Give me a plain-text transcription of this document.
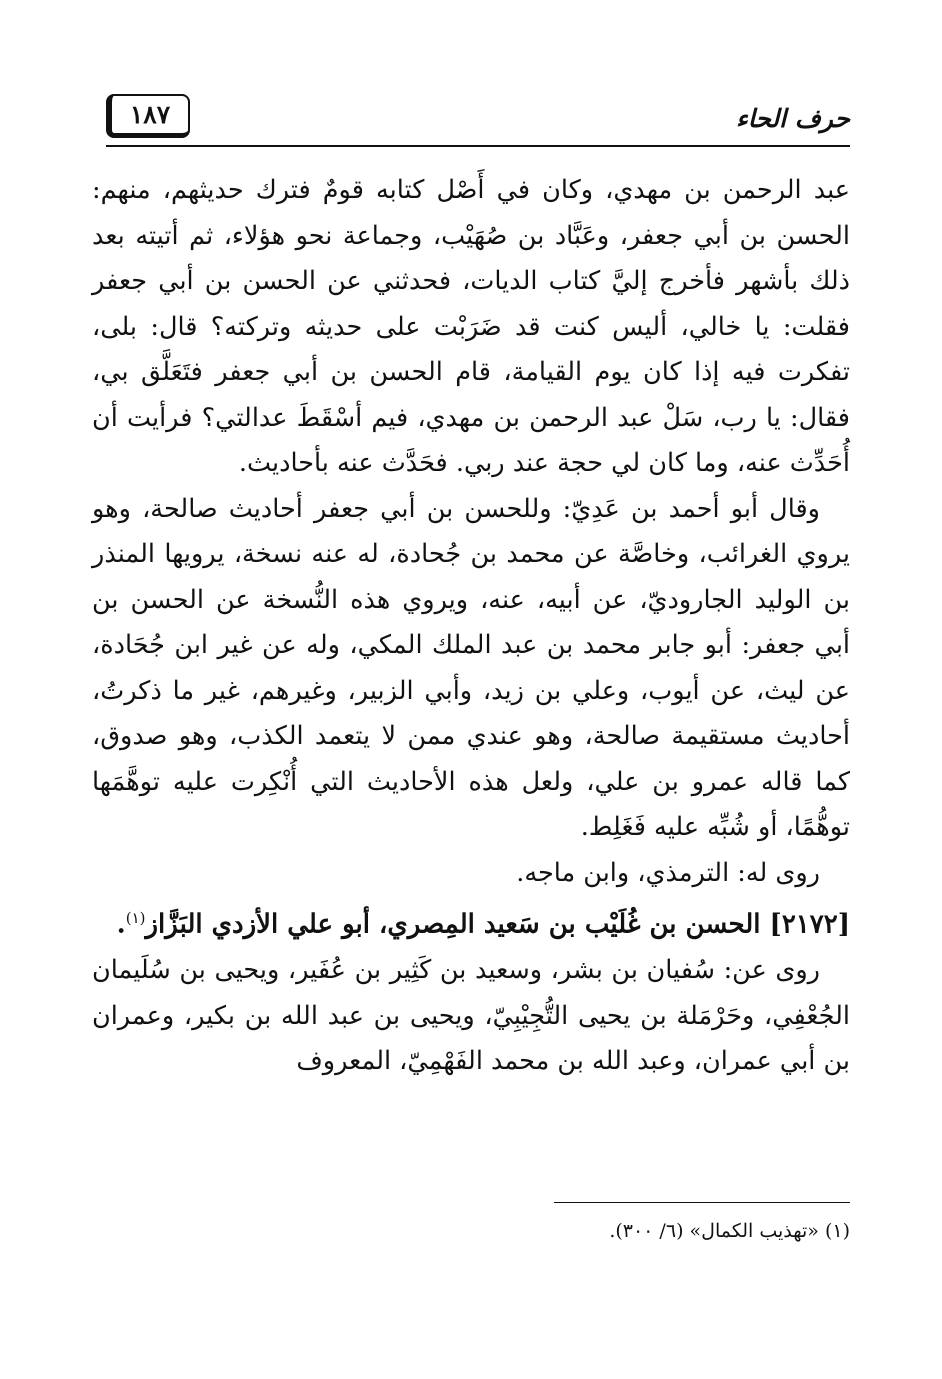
حرف الحاء
١٨٧

عبد الرحمن بن مهدي، وكان في أَصْل كتابه قومٌ فترك حديثهم، منهم: الحسن بن أبي جعفر، وعَبَّاد بن صُهَيْب، وجماعة نحو هؤلاء، ثم أتيته بعد ذلك بأشهر فأخرج إليَّ كتاب الديات، فحدثني عن الحسن بن أبي جعفر فقلت: يا خالي، أليس كنت قد ضَرَبْت على حديثه وتركته؟ قال: بلى، تفكرت فيه إذا كان يوم القيامة، قام الحسن بن أبي جعفر فتَعَلَّق بي، فقال: يا رب، سَلْ عبد الرحمن بن مهدي، فيم أسْقَطَ عدالتي؟ فرأيت أن أُحَدِّث عنه، وما كان لي حجة عند ربي. فحَدَّث عنه بأحاديث.

وقال أبو أحمد بن عَدِيّ: وللحسن بن أبي جعفر أحاديث صالحة، وهو يروي الغرائب، وخاصَّة عن محمد بن جُحادة، له عنه نسخة، يرويها المنذر بن الوليد الجاروديّ، عن أبيه، عنه، ويروي هذه النُّسخة عن الحسن بن أبي جعفر: أبو جابر محمد بن عبد الملك المكي، وله عن غير ابن جُحَادة، عن ليث، عن أيوب، وعلي بن زيد، وأبي الزبير، وغيرهم، غير ما ذكرتُ، أحاديث مستقيمة صالحة، وهو عندي ممن لا يتعمد الكذب، وهو صدوق، كما قاله عمرو بن علي، ولعل هذه الأحاديث التي أُنْكِرت عليه توهَّمَها توهُّمًا، أو شُبِّه عليه فَغَلِط.

روى له: الترمذي، وابن ماجه.

[٢١٧٢] الحسن بن غُلَيْب بن سَعيد المِصري، أبو علي الأزدي البَزَّاز$^{(١)}$.

روى عن: سُفيان بن بشر، وسعيد بن كَثِير بن عُفَير، ويحيى بن سُلَيمان الجُعْفِي، وحَرْمَلة بن يحيى التُّجِيْبِيّ، ويحيى بن عبد الله بن بكير، وعمران بن أبي عمران، وعبد الله بن محمد الفَهْمِيّ، المعروف

(١) «تهذيب الكمال» (٦/ ٣٠٠).
